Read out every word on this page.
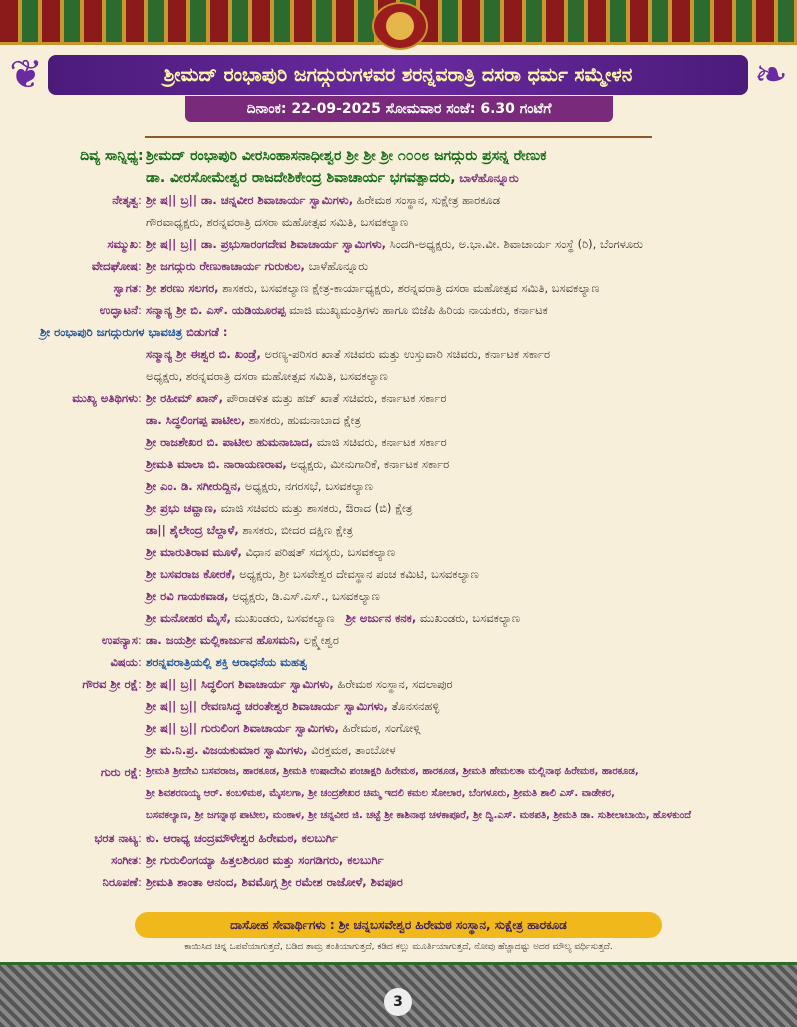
❦	❧
ಶ್ರೀಮದ್ ರಂಭಾಪುರಿ ಜಗದ್ಗುರುಗಳವರ ಶರನ್ನವರಾತ್ರಿ ದಸರಾ ಧರ್ಮ ಸಮ್ಮೇಳನ
ದಿನಾಂಕ: 22-09-2025 ಸೋಮವಾರ ಸಂಜೆ: 6.30 ಗಂಟೆಗೆ
ದಿವ್ಯ ಸಾನ್ನಿಧ್ಯ : ಶ್ರೀಮದ್ ರಂಭಾಪುರಿ ವೀರಸಿಂಹಾಸನಾಧೀಶ್ವರ ಶ್ರೀ ಶ್ರೀ ಶ್ರೀ ೧೦೦೮ ಜಗದ್ಗುರು ಪ್ರಸನ್ನ ರೇಣುಕ
ಡಾ. ವೀರಸೋಮೇಶ್ವರ ರಾಜದೇಶಿಕೇಂದ್ರ ಶಿವಾಚಾರ್ಯ ಭಗವತ್ಪಾದರು, ಬಾಳೆಹೊನ್ನೂರು
ನೇತೃತ್ವ : ಶ್ರೀ ಷ|| ಬ್ರ|| ಡಾ. ಚನ್ನವೀರ ಶಿವಾಚಾರ್ಯ ಸ್ವಾಮಿಗಳು, ಹಿರೇಮಠ ಸಂಸ್ಥಾನ, ಸುಕ್ಷೇತ್ರ ಹಾರಕೂಡ
ಗೌರವಾಧ್ಯಕ್ಷರು, ಶರನ್ನವರಾತ್ರಿ ದಸರಾ ಮಹೋತ್ಸವ ಸಮಿತಿ, ಬಸವಕಲ್ಯಾಣ
ಸಮ್ಮುಖ : ಶ್ರೀ ಷ|| ಬ್ರ|| ಡಾ. ಪ್ರಭುಸಾರಂಗದೇವ ಶಿವಾಚಾರ್ಯ ಸ್ವಾಮಿಗಳು, ಸಿಂದಗಿ-ಅಧ್ಯಕ್ಷರು, ಅ.ಭಾ.ವೀ. ಶಿವಾಚಾರ್ಯ ಸಂಸ್ಥೆ (ರಿ), ಬೆಂಗಳೂರು
ವೇದಘೋಷ : ಶ್ರೀ ಜಗದ್ಗುರು ರೇಣುಕಾಚಾರ್ಯ ಗುರುಕುಲ, ಬಾಳೆಹೊನ್ನೂರು
ಸ್ವಾಗತ : ಶ್ರೀ ಶರಣು ಸಲಗರ, ಶಾಸಕರು, ಬಸವಕಲ್ಯಾಣ ಕ್ಷೇತ್ರ-ಕಾರ್ಯಾಧ್ಯಕ್ಷರು, ಶರನ್ನವರಾತ್ರಿ ದಸರಾ ಮಹೋತ್ಸವ ಸಮಿತಿ, ಬಸವಕಲ್ಯಾಣ
ಉದ್ಘಾಟನೆ : ಸನ್ಮಾನ್ಯ ಶ್ರೀ ಬಿ. ಎಸ್. ಯಡಿಯೂರಪ್ಪ ಮಾಜಿ ಮುಖ್ಯಮಂತ್ರಿಗಳು ಹಾಗೂ ಬಿಜೆಪಿ ಹಿರಿಯ ನಾಯಕರು, ಕರ್ನಾಟಕ
ಶ್ರೀ ರಂಭಾಪುರಿ ಜಗದ್ಗುರುಗಳ ಭಾವಚಿತ್ರ ಬಿಡುಗಡೆ :
ಸನ್ಮಾನ್ಯ ಶ್ರೀ ಈಶ್ವರ ಬಿ. ಖಂಡ್ರೆ, ಅರಣ್ಯ-ಪರಿಸರ ಖಾತೆ ಸಚಿವರು ಮತ್ತು ಉಸ್ತುವಾರಿ ಸಚಿವರು, ಕರ್ನಾಟಕ ಸರ್ಕಾರ
ಅಧ್ಯಕ್ಷರು, ಶರನ್ನವರಾತ್ರಿ ದಸರಾ ಮಹೋತ್ಸವ ಸಮಿತಿ, ಬಸವಕಲ್ಯಾಣ
ಮುಖ್ಯ ಅತಿಥಿಗಳು : ಶ್ರೀ ರಹೀಮ್ ಖಾನ್, ಪೌರಾಡಳಿತ ಮತ್ತು ಹಜ್ ಖಾತೆ ಸಚಿವರು, ಕರ್ನಾಟಕ ಸರ್ಕಾರ
ಡಾ. ಸಿದ್ಧಲಿಂಗಪ್ಪ ಪಾಟೀಲ, ಶಾಸಕರು, ಹುಮನಾಬಾದ ಕ್ಷೇತ್ರ
ಶ್ರೀ ರಾಜಶೇಖರ ಬಿ. ಪಾಟೀಲ ಹುಮನಾಬಾದ, ಮಾಜಿ ಸಚಿವರು, ಕರ್ನಾಟಕ ಸರ್ಕಾರ
ಶ್ರೀಮತಿ ಮಾಲಾ ಬಿ. ನಾರಾಯಣರಾವ, ಅಧ್ಯಕ್ಷರು, ಮೀನುಗಾರಿಕೆ, ಕರ್ನಾಟಕ ಸರ್ಕಾರ
ಶ್ರೀ ಎಂ. ಡಿ. ಸಗೀರುದ್ದಿನ, ಅಧ್ಯಕ್ಷರು, ನಗರಸಭೆ, ಬಸವಕಲ್ಯಾಣ
ಶ್ರೀ ಪ್ರಭು ಚವ್ಹಾಣ, ಮಾಜಿ ಸಚಿವರು ಮತ್ತು ಶಾಸಕರು, ಔರಾದ (ಬಿ) ಕ್ಷೇತ್ರ
ಡಾ|| ಶೈಲೇಂದ್ರ ಬೆಲ್ದಾಳೆ, ಶಾಸಕರು, ಬೀದರ ದಕ್ಷಿಣ ಕ್ಷೇತ್ರ
ಶ್ರೀ ಮಾರುತಿರಾವ ಮೂಳೆ, ವಿಧಾನ ಪರಿಷತ್ ಸದಸ್ಯರು, ಬಸವಕಲ್ಯಾಣ
ಶ್ರೀ ಬಸವರಾಜ ಕೋರಕೆ, ಅಧ್ಯಕ್ಷರು, ಶ್ರೀ ಬಸವೇಶ್ವರ ದೇವಸ್ಥಾನ ಪಂಚ ಕಮಿಟಿ, ಬಸವಕಲ್ಯಾಣ
ಶ್ರೀ ರವಿ ಗಾಯಕವಾಡ, ಅಧ್ಯಕ್ಷರು, ಡಿ.ಎಸ್.ಎಸ್., ಬಸವಕಲ್ಯಾಣ
ಶ್ರೀ ಮನೋಹರ ಮೈಸೆ, ಮುಖಂಡರು, ಬಸವಕಲ್ಯಾಣ ಶ್ರೀ ಅರ್ಜುನ ಕನಕ, ಮುಖಂಡರು, ಬಸವಕಲ್ಯಾಣ
ಉಪನ್ಯಾಸ : ಡಾ. ಜಯಶ್ರೀ ಮಲ್ಲಿಕಾರ್ಜುನ ಹೊಸಮನಿ, ಲಕ್ಷ್ಮೇಶ್ವರ
ವಿಷಯ : ಶರನ್ನವರಾತ್ರಿಯಲ್ಲಿ ಶಕ್ತಿ ಆರಾಧನೆಯ ಮಹತ್ವ
ಗೌರವ ಶ್ರೀ ರಕ್ಷೆ : ಶ್ರೀ ಷ|| ಬ್ರ|| ಸಿದ್ಧಲಿಂಗ ಶಿವಾಚಾರ್ಯ ಸ್ವಾಮಿಗಳು, ಹಿರೇಮಠ ಸಂಸ್ಥಾನ, ಸದಲಾಪುರ
ಶ್ರೀ ಷ|| ಬ್ರ|| ರೇವಣಸಿದ್ಧ ಚರಂತೇಶ್ವರ ಶಿವಾಚಾರ್ಯ ಸ್ವಾಮಿಗಳು, ತೊನಸನಹಳ್ಳಿ
ಶ್ರೀ ಷ|| ಬ್ರ|| ಗುರುಲಿಂಗ ಶಿವಾಚಾರ್ಯ ಸ್ವಾಮಿಗಳು, ಹಿರೇಮಠ, ಸಂಗೋಳ್ಗಿ
ಶ್ರೀ ಮ.ನಿ.ಪ್ರ. ವಿಜಯಕುಮಾರ ಸ್ವಾಮಿಗಳು, ವಿರಕ್ತಮಠ, ತಾಂಬೋಳ
ಗುರು ರಕ್ಷೆ : ಶ್ರೀಮತಿ ಶ್ರೀದೇವಿ ಬಸವರಾಜ, ಹಾರಕೂಡ, ಶ್ರೀಮತಿ ಉಷಾದೇವಿ ಪಂಚಾಕ್ಷರಿ ಹಿರೇಮಠ, ಹಾರಕೂಡ, ಶ್ರೀಮತಿ ಹೇಮಲತಾ ಮಲ್ಲಿನಾಥ ಹಿರೇಮಠ, ಹಾರಕೂಡ,
ಶ್ರೀ ಶಿವಶರಣಯ್ಯ ಆರ್. ಕಂಬಳಿಮಠ, ಮೈಸಲಗಾ, ಶ್ರೀ ಚಂದ್ರಶೇಖರ ಚಿಮ್ಮ ಇದಲಿ ಕಮಲ ಸೋಲಾರ, ಬೆಂಗಳೂರು, ಶ್ರೀಮತಿ ಶಾಲಿ ಎಸ್. ವಾಡೇಕರ,
ಬಸವಕಲ್ಯಾಣ, ಶ್ರೀ ಜಗನ್ನಾಥ ಪಾಟೀಲ, ಮಂಠಾಳ, ಶ್ರೀ ಚನ್ನವೀರ ಜಿ. ಚಟ್ಟೆ ಶ್ರೀ ಕಾಶಿನಾಥ ಚಳಕಾಪೂರೆ, ಶ್ರೀ ದ್ವಿ.ಎಸ್. ಮಠಪತಿ, ಶ್ರೀಮತಿ ಡಾ. ಸುಶೀಲಾಬಾಯಿ, ಹೊಳಕುಂದೆ
ಭರತ ನಾಟ್ಯ : ಕು. ಆರಾಧ್ಯ ಚಂದ್ರಮೌಳೇಶ್ವರ ಹಿರೇಮಠ, ಕಲಬುರ್ಗಿ
ಸಂಗೀತ : ಶ್ರೀ ಗುರುಲಿಂಗಯ್ಯಾ ಹಿತ್ತಲಶಿರೂರ ಮತ್ತು ಸಂಗಡಿಗರು, ಕಲಬುರ್ಗಿ
ನಿರೂಪಣೆ : ಶ್ರೀಮತಿ ಶಾಂತಾ ಆನಂದ, ಶಿವಮೊಗ್ಗ ಶ್ರೀ ರಮೇಶ ರಾಜೋಳೆ, ಶಿವಪೂರ
ದಾಸೋಹ ಸೇವಾರ್ಥಿಗಳು : ಶ್ರೀ ಚನ್ನಬಸವೇಶ್ವರ ಹಿರೇಮಠ ಸಂಸ್ಥಾನ, ಸುಕ್ಷೇತ್ರ ಹಾರಕೂಡ
ಕಾಯಿಸಿದ ಚಿನ್ನ ಒಪವೆಯಾಗುತ್ತದೆ, ಬಡಿದ ತಾಮ್ರ ತಂತಿಯಾಗುತ್ತದೆ, ಕಡಿದ ಕಲ್ಲು ಮೂರ್ತಿಯಾಗುತ್ತದೆ, ನೋವು ಹೆಚ್ಚಾದಷ್ಟು ಅದರ ಮೌಲ್ಯ ವರ್ಧಿಸುತ್ತದೆ.
3
